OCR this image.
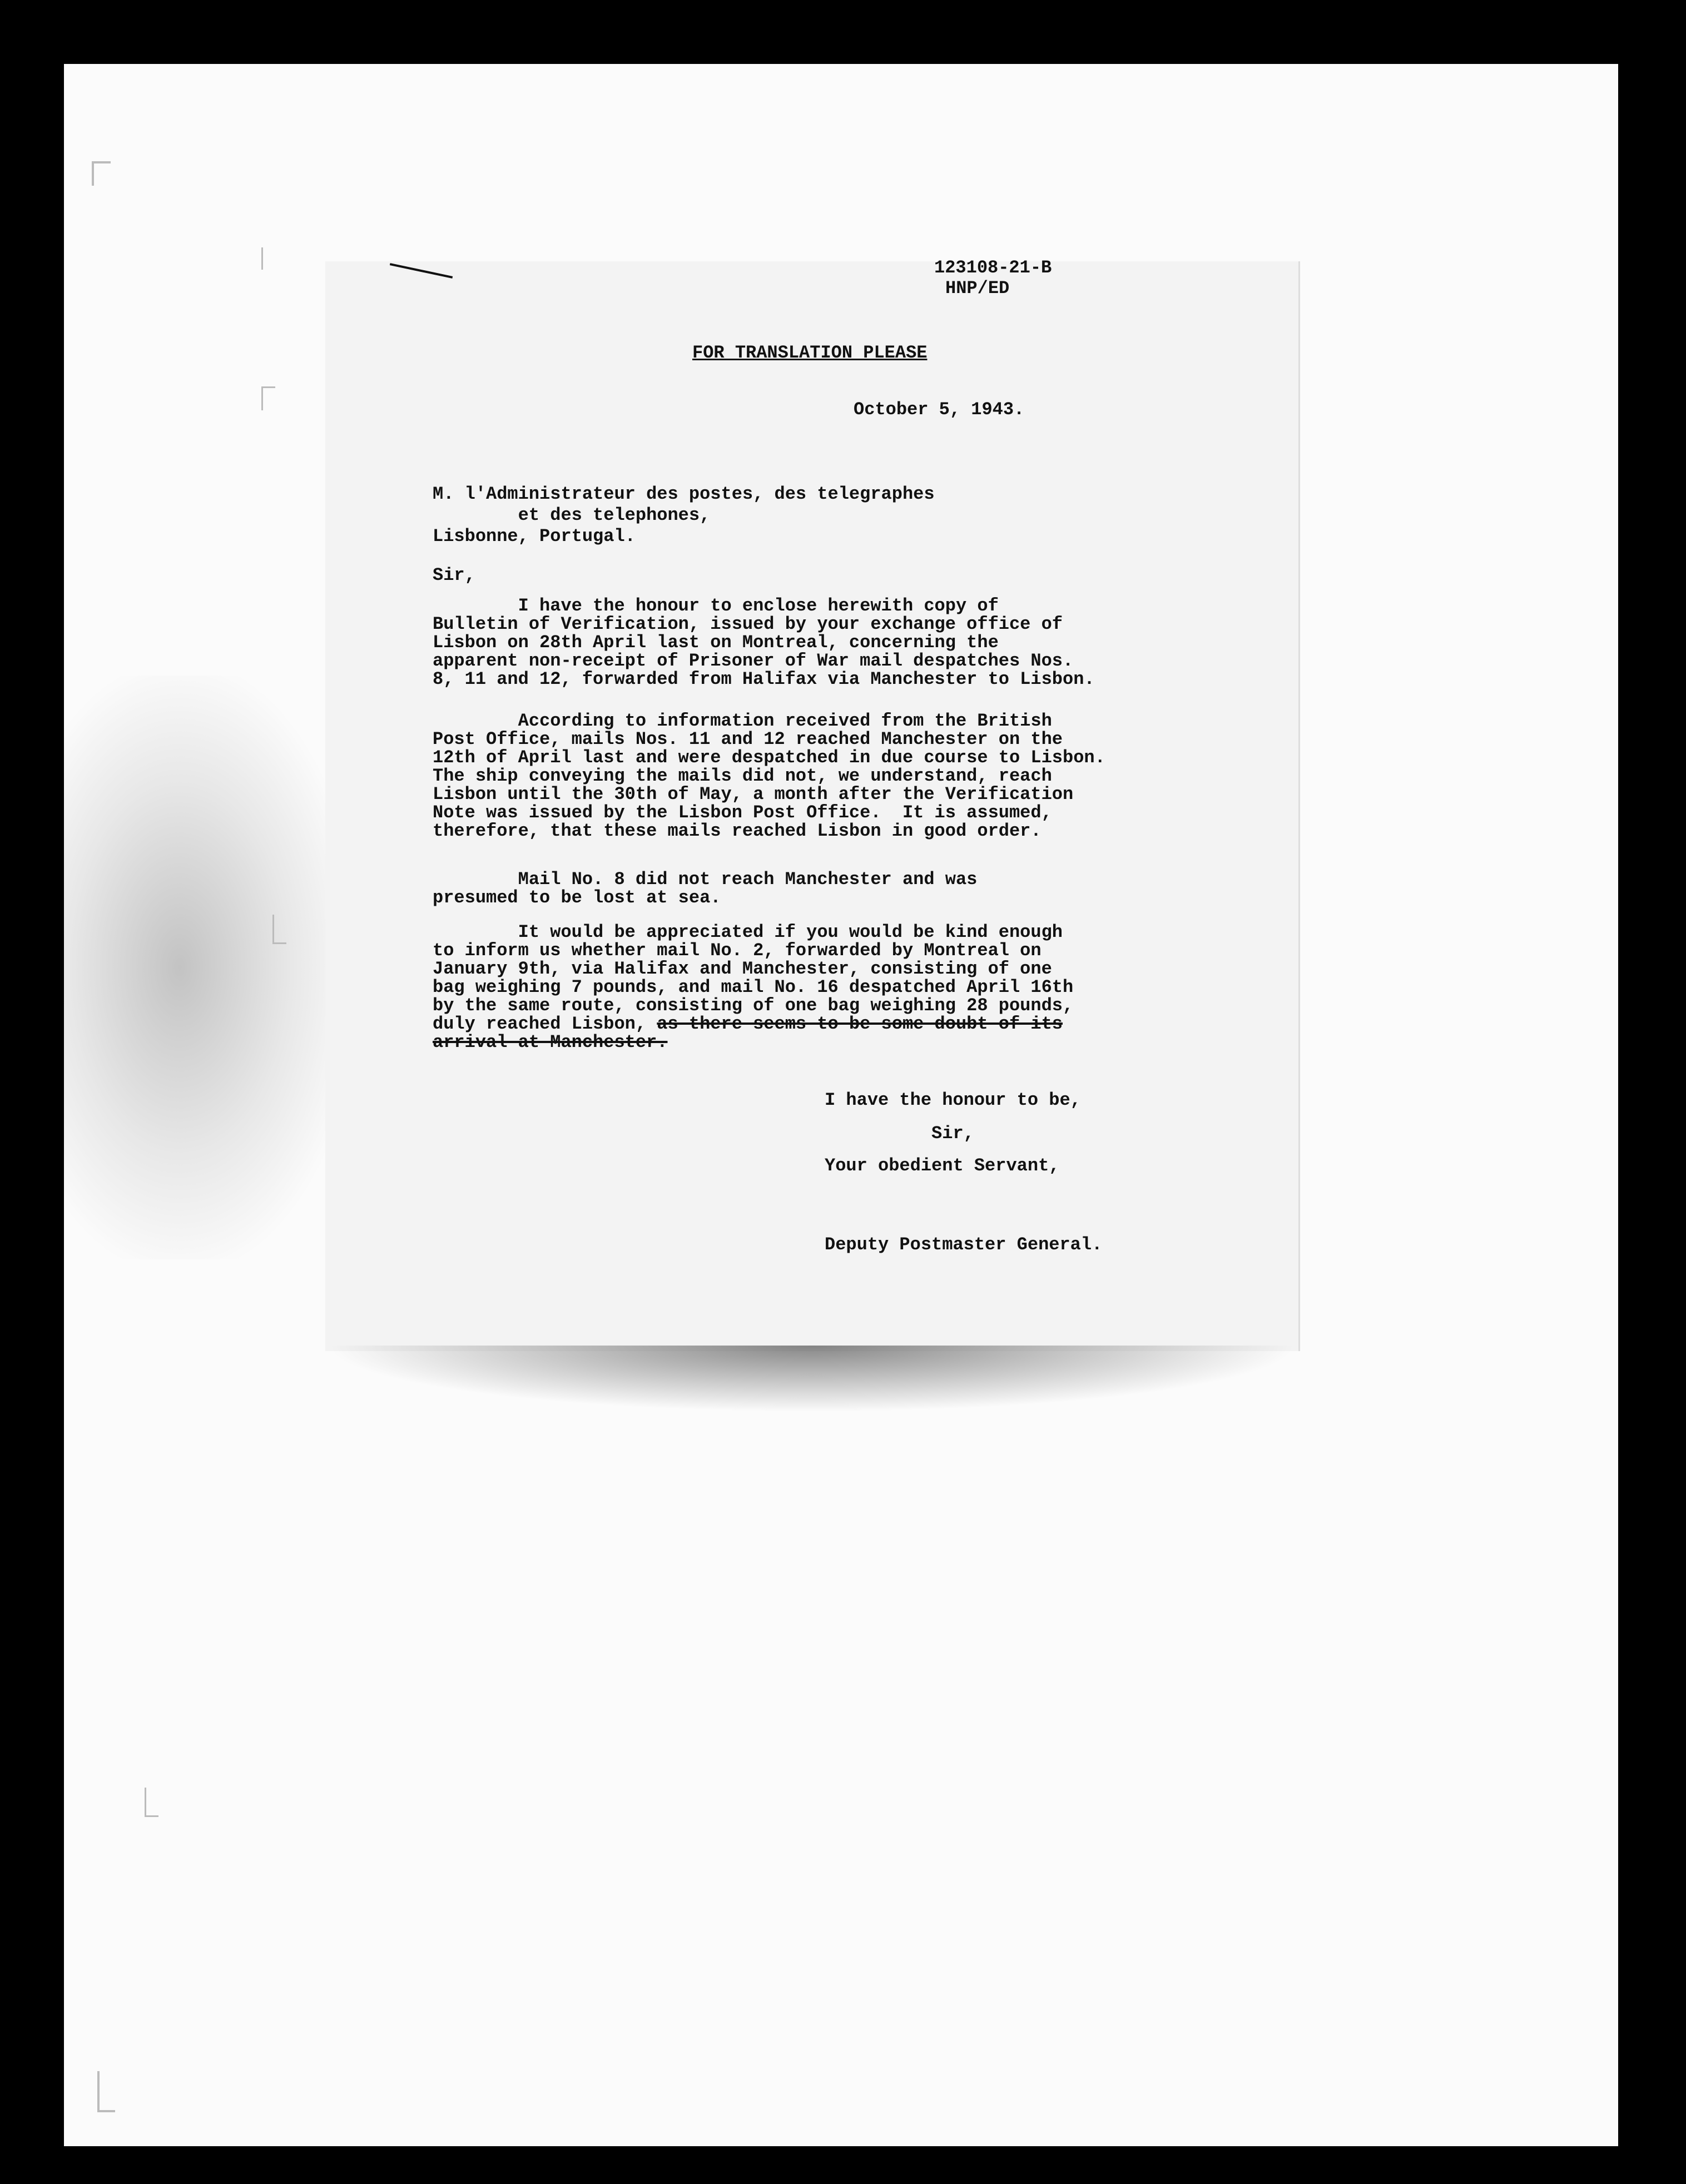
123108-21-B
HNP/ED
FOR TRANSLATION PLEASE
October 5, 1943.
M. l'Administrateur des postes, des telegraphes
et des telephones,
Lisbonne, Portugal.
Sir,
I have the honour to enclose herewith copy of
Bulletin of Verification, issued by your exchange office of
Lisbon on 28th April last on Montreal, concerning the
apparent non-receipt of Prisoner of War mail despatches Nos.
8, 11 and 12, forwarded from Halifax via Manchester to Lisbon.
According to information received from the British
Post Office, mails Nos. 11 and 12 reached Manchester on the
12th of April last and were despatched in due course to Lisbon.
The ship conveying the mails did not, we understand, reach
Lisbon until the 30th of May, a month after the Verification
Note was issued by the Lisbon Post Office.  It is assumed,
therefore, that these mails reached Lisbon in good order.
Mail No. 8 did not reach Manchester and was
presumed to be lost at sea.
It would be appreciated if you would be kind enough
to inform us whether mail No. 2, forwarded by Montreal on
January 9th, via Halifax and Manchester, consisting of one
bag weighing 7 pounds, and mail No. 16 despatched April 16th
by the same route, consisting of one bag weighing 28 pounds,
duly reached Lisbon, as there seems to be some doubt of its
arrival at Manchester.
I have the honour to be,
Sir,
Your obedient Servant,
Deputy Postmaster General.
